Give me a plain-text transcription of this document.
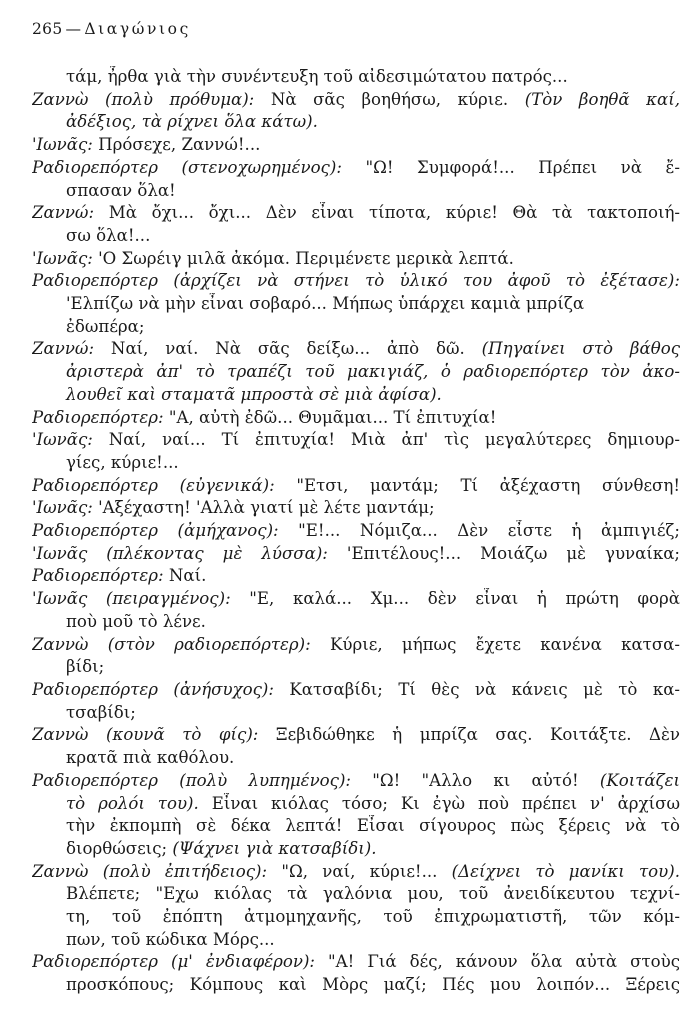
265 — Διαγώνιος
τάμ, ἦρθα γιὰ τὴν συνέντευξη τοῦ αἰδεσιμώτατου πατρός...
Ζαννὼ (πολὺ πρόθυμα): Νὰ σᾶς βοηθήσω, κύριε. (Τὸν βοηθᾶ καί,
ἀδέξιος, τὰ ρίχνει ὅλα κάτω).
'Ιωνᾶς: Πρόσεχε, Ζαννώ!...
Ραδιορεπόρτερ (στενοχωρημένος): "Ω! Συμφορά!... Πρέπει νὰ ἔ-
σπασαν ὅλα!
Ζαννώ: Μὰ ὄχι... ὄχι... Δὲν εἶναι τίποτα, κύριε! Θὰ τὰ τακτοποιή-
σω ὅλα!...
'Ιωνᾶς: 'Ο Σωρέιγ μιλᾶ ἀκόμα. Περιμένετε μερικὰ λεπτά.
Ραδιορεπόρτερ (ἀρχίζει νὰ στήνει τὸ ὑλικό του ἀφοῦ τὸ ἐξέτασε):
'Ελπίζω νὰ μὴν εἶναι σοβαρό... Μήπως ὑπάρχει καμιὰ μπρίζα
ἐδωπέρα;
Ζαννώ: Ναί, ναί. Νὰ σᾶς δείξω... ἀπὸ δῶ. (Πηγαίνει στὸ βάθος
ἀριστερὰ ἀπ' τὸ τραπέζι τοῦ μακιγιάζ, ὁ ραδιορεπόρτερ τὸν ἀκο-
λουθεῖ καὶ σταματᾶ μπροστὰ σὲ μιὰ ἀφίσα).
Ραδιορεπόρτερ: "Α, αὐτὴ ἐδῶ... Θυμᾶμαι... Τί ἐπιτυχία!
'Ιωνᾶς: Ναί, ναί... Τί ἐπιτυχία! Μιὰ ἀπ' τὶς μεγαλύτερες δημιουρ-
γίες, κύριε!...
Ραδιορεπόρτερ (εὐγενικά): "Ετσι, μαντάμ; Τί ἀξέχαστη σύνθεση!
'Ιωνᾶς: 'Αξέχαστη! 'Αλλὰ γιατί μὲ λέτε μαντάμ;
Ραδιορεπόρτερ (ἀμήχανος): "Ε!... Νόμιζα... Δὲν εἶστε ἡ ἀμπιγιέζ;
'Ιωνᾶς (πλέκοντας μὲ λύσσα): 'Επιτέλους!... Μοιάζω μὲ γυναίκα;
Ραδιορεπόρτερ: Ναί.
'Ιωνᾶς (πειραγμένος): "Ε, καλά... Χμ... δὲν εἶναι ἡ πρώτη φορὰ
ποὺ μοῦ τὸ λένε.
Ζαννὼ (στὸν ραδιορεπόρτερ): Κύριε, μήπως ἔχετε κανένα κατσα-
βίδι;
Ραδιορεπόρτερ (ἀνήσυχος): Κατσαβίδι; Τί θὲς νὰ κάνεις μὲ τὸ κα-
τσαβίδι;
Ζαννὼ (κουνᾶ τὸ φίς): Ξεβιδώθηκε ἡ μπρίζα σας. Κοιτάξτε. Δὲν
κρατᾶ πιὰ καθόλου.
Ραδιορεπόρτερ (πολὺ λυπημένος): "Ω! "Αλλο κι αὐτό! (Κοιτάζει
τὸ ρολόι του). Εἶναι κιόλας τόσο; Κι ἐγὼ ποὺ πρέπει ν' ἀρχίσω
τὴν ἐκπομπὴ σὲ δέκα λεπτά! Εἶσαι σίγουρος πὼς ξέρεις νὰ τὸ
διορθώσεις; (Ψάχνει γιὰ κατσαβίδι).
Ζαννὼ (πολὺ ἐπιτήδειος): "Ω, ναί, κύριε!... (Δείχνει τὸ μανίκι του).
Βλέπετε; "Εχω κιόλας τὰ γαλόνια μου, τοῦ ἀνειδίκευτου τεχνί-
τη, τοῦ ἐπόπτη ἀτμομηχανῆς, τοῦ ἐπιχρωματιστῆ, τῶν κόμ-
πων, τοῦ κώδικα Μόρς...
Ραδιορεπόρτερ (μ' ἐνδιαφέρον): "Α! Γιά δές, κάνουν ὅλα αὐτὰ στοὺς
προσκόπους; Κόμπους καὶ Μὸρς μαζί; Πές μου λοιπόν... Ξέρεις
